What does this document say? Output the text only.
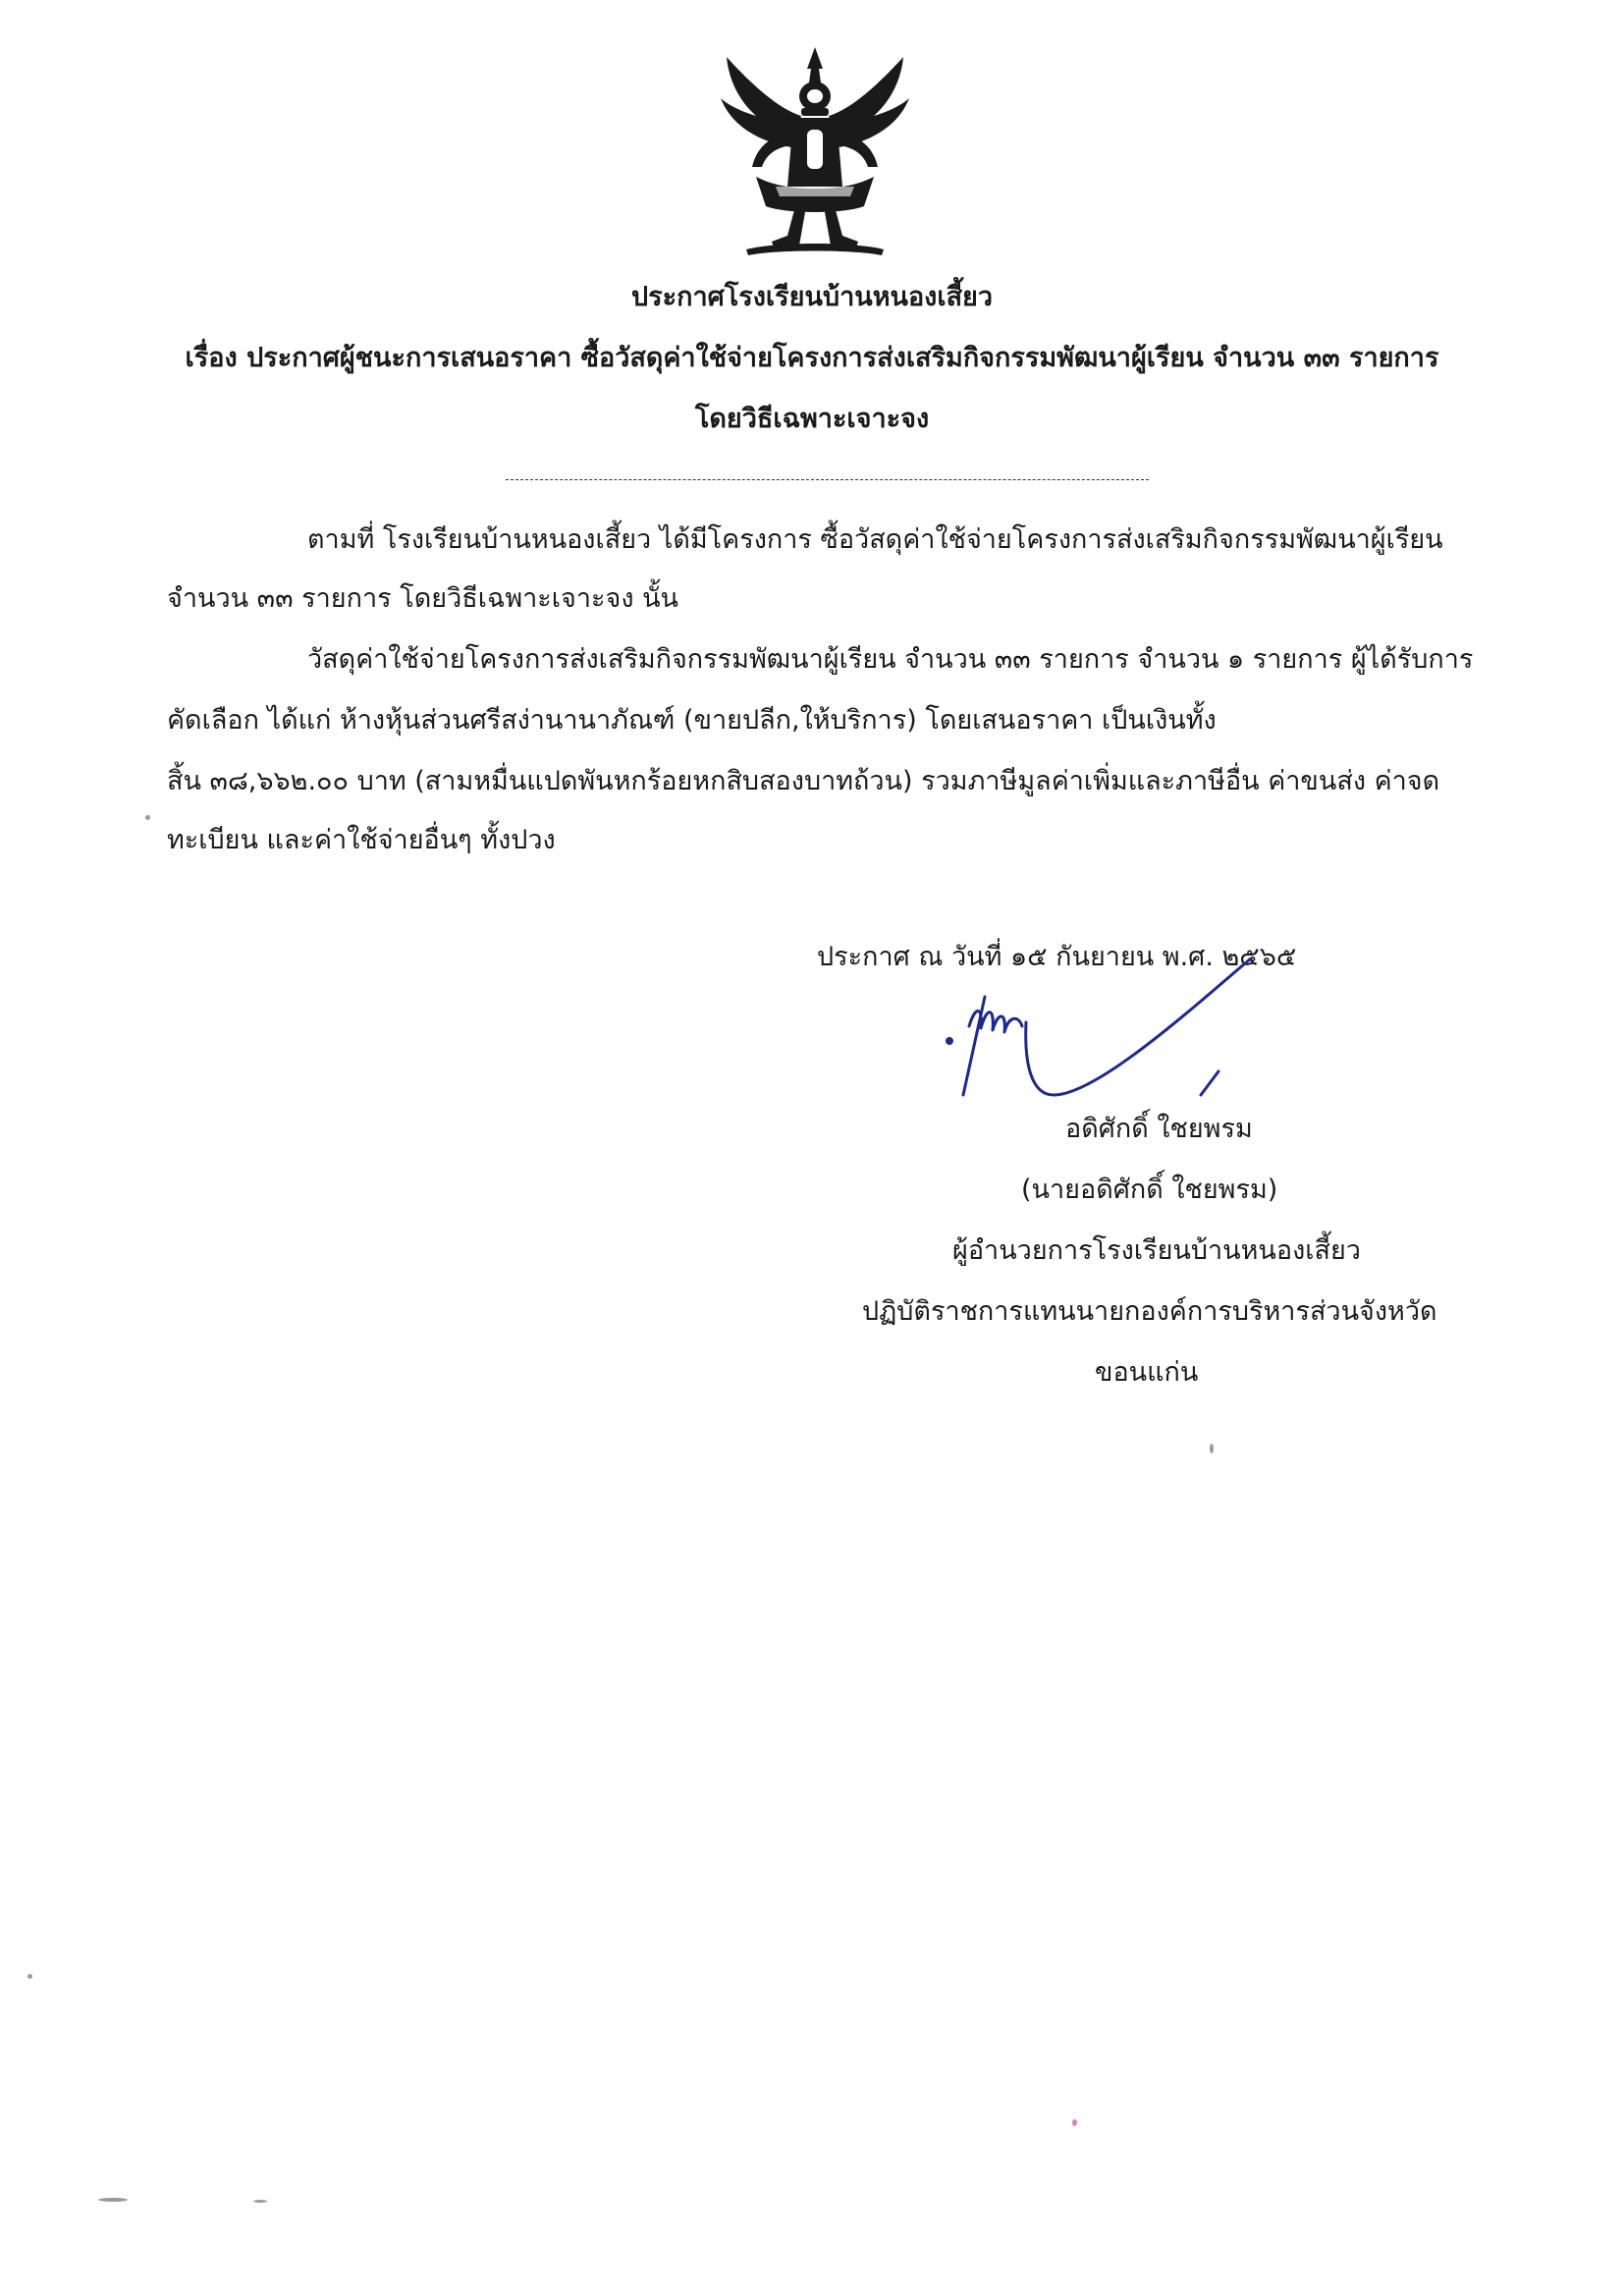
ประกาศโรงเรียนบ้านหนองเสี้ยว
เรื่อง ประกาศผู้ชนะการเสนอราคา ซื้อวัสดุค่าใช้จ่ายโครงการส่งเสริมกิจกรรมพัฒนาผู้เรียน จำนวน ๓๓ รายการ
โดยวิธีเฉพาะเจาะจง
ตามที่ โรงเรียนบ้านหนองเสี้ยว ได้มีโครงการ ซื้อวัสดุค่าใช้จ่ายโครงการส่งเสริมกิจกรรมพัฒนาผู้เรียน
จำนวน ๓๓ รายการ โดยวิธีเฉพาะเจาะจง นั้น
วัสดุค่าใช้จ่ายโครงการส่งเสริมกิจกรรมพัฒนาผู้เรียน จำนวน ๓๓ รายการ จำนวน ๑ รายการ ผู้ได้รับการ
คัดเลือก ได้แก่ ห้างหุ้นส่วนศรีสง่านานาภัณฑ์ (ขายปลีก,ให้บริการ) โดยเสนอราคา เป็นเงินทั้ง
สิ้น ๓๘,๖๖๒.๐๐ บาท (สามหมื่นแปดพันหกร้อยหกสิบสองบาทถ้วน) รวมภาษีมูลค่าเพิ่มและภาษีอื่น ค่าขนส่ง ค่าจด
ทะเบียน และค่าใช้จ่ายอื่นๆ ทั้งปวง
ประกาศ ณ วันที่ ๑๕ กันยายน พ.ศ. ๒๕๖๕
อดิศักดิ์ ใชยพรม
(นายอดิศักดิ์ ใชยพรม)
ผู้อำนวยการโรงเรียนบ้านหนองเสี้ยว
ปฏิบัติราชการแทนนายกองค์การบริหารส่วนจังหวัด
ขอนแก่น
